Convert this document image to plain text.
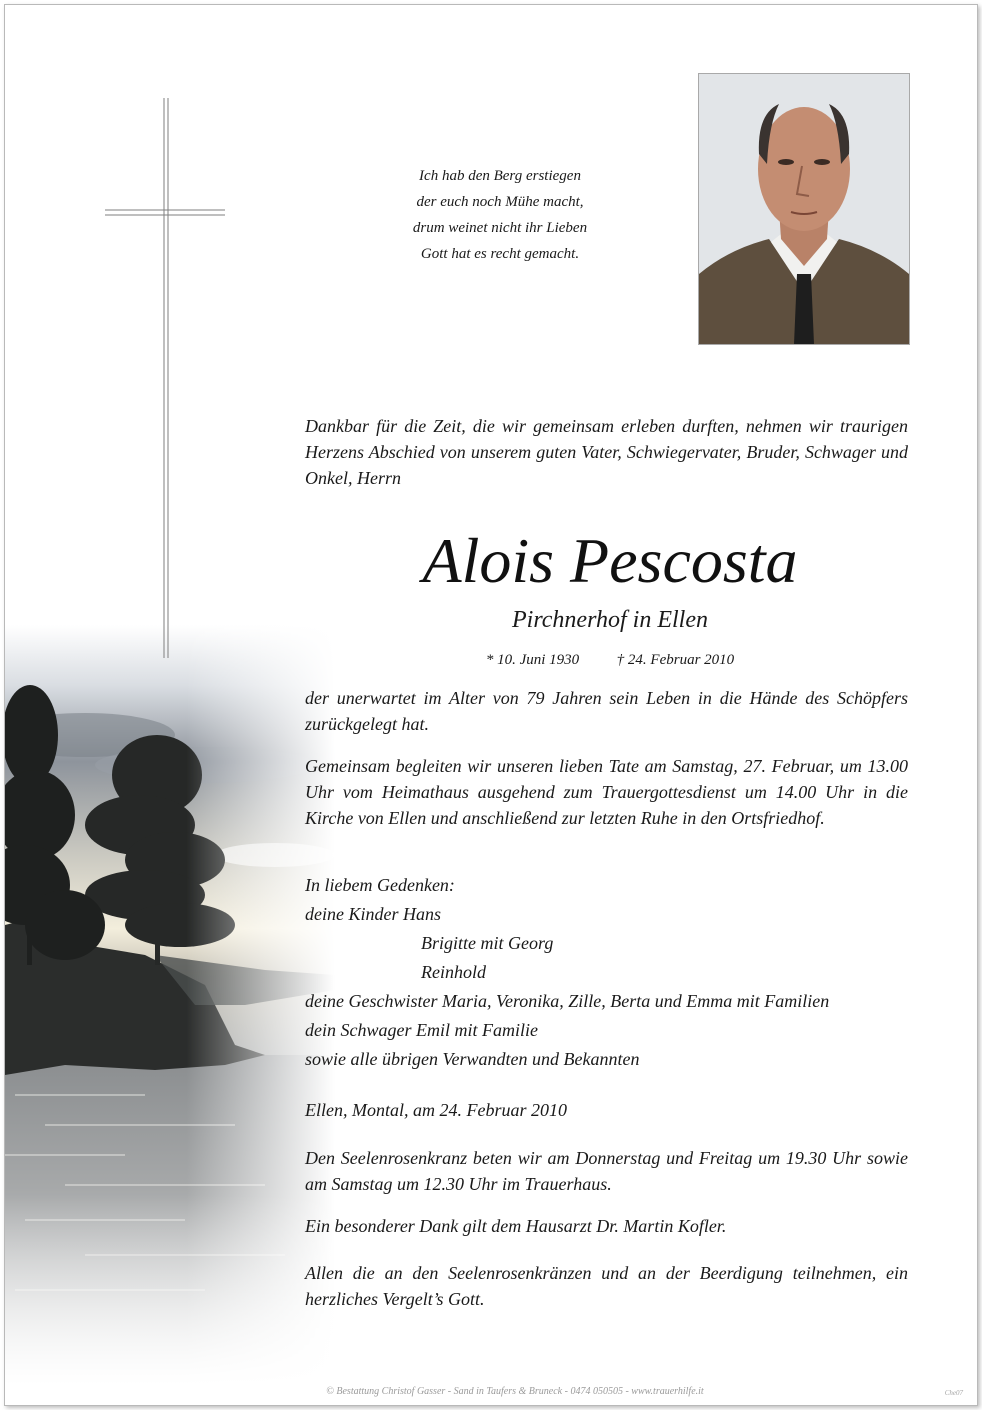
Ich hab den Berg erstiegen
der euch noch Mühe macht,
drum weinet nicht ihr Lieben
Gott hat es recht gemacht.
Dankbar für die Zeit, die wir gemeinsam erleben durften, nehmen wir traurigen Herzens Abschied von unserem guten Vater, Schwiegervater, Bruder, Schwager und Onkel, Herrn
Alois Pescosta
Pirchnerhof in Ellen
* 10. Juni 1930	† 24. Februar 2010
der unerwartet im Alter von 79 Jahren sein Leben in die Hände des Schöpfers zurückgelegt hat.
Gemeinsam begleiten wir unseren lieben Tate am Samstag, 27. Februar, um 13.00 Uhr vom Heimathaus ausgehend zum Trauergottesdienst um 14.00 Uhr in die Kirche von Ellen und anschließend zur letzten Ruhe in den Ortsfriedhof.
In liebem Gedenken:
deine Kinder Hans
Brigitte mit Georg
Reinhold
deine Geschwister Maria, Veronika, Zille, Berta und Emma mit Familien
dein Schwager Emil mit Familie
sowie alle übrigen Verwandten und Bekannten
Ellen, Montal, am 24. Februar 2010
Den Seelenrosenkranz beten wir am Donnerstag und Freitag um 19.30 Uhr sowie am Samstag um 12.30 Uhr im Trauerhaus.
Ein besonderer Dank gilt dem Hausarzt Dr. Martin Kofler.
Allen die an den Seelenrosenkränzen und an der Beerdigung teilnehmen, ein herzliches Vergelt’s Gott.
© Bestattung Christof Gasser - Sand in Taufers & Bruneck - 0474 050505 - www.trauerhilfe.it	Che07
